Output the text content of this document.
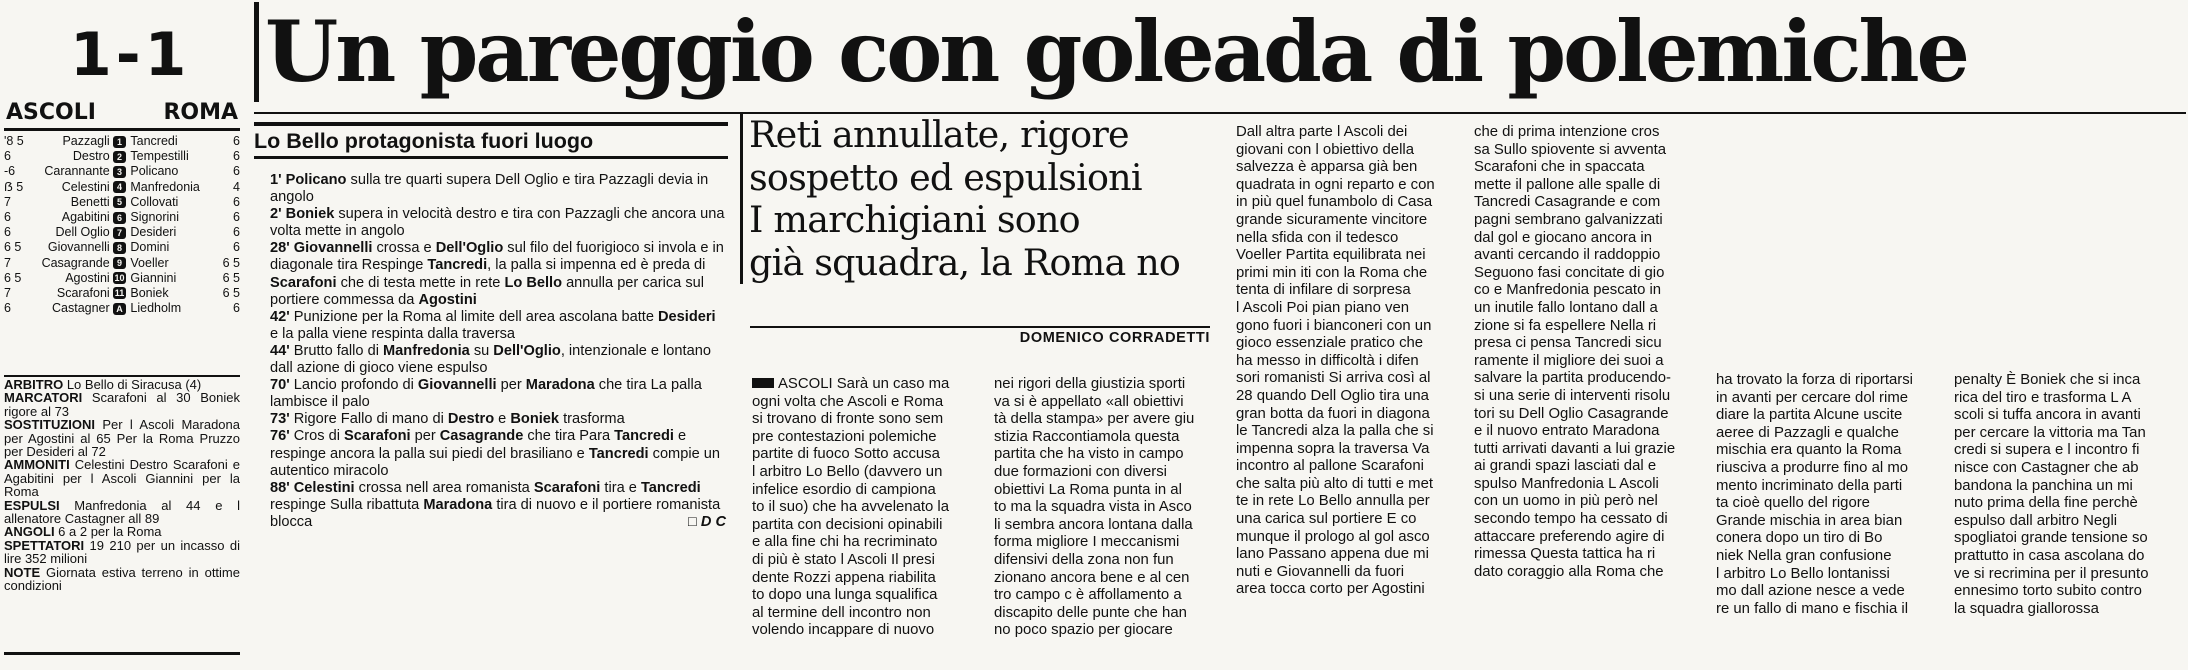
1-1
ASCOLI	ROMA
'8 5	Pazzagli 1 Tancredi	6
6	Destro 2 Tempestilli	6
-6	Carannante 3 Policano	6
ẞ 5	Celestini 4 Manfredonia	4
7	Benetti 5 Collovati	6
6	Agabitini 6 Signorini	6
6	Dell Oglio 7 Desideri	6
6 5	Giovannelli 8 Domini	6
7	Casagrande 9 Voeller	6 5
6 5	Agostini 10 Giannini	6 5
7	Scarafoni 11 Boniek	6 5
6	Castagner A Liedholm	6
ARBITRO Lo Bello di Siracusa (4)
MARCATORI Scarafoni al 30 Boniek rigore al 73
SOSTITUZIONI Per l Ascoli Maradona per Agostini al 65 Per la Roma Pruzzo per Desideri al 72
AMMONITI Celestini Destro Scarafoni e Agabitini per l Ascoli Giannini per la Roma
ESPULSI Manfredonia al 44 e l allenatore Castagner all 89
ANGOLI 6 a 2 per la Roma
SPETTATORI 19 210 per un incasso di lire 352 milioni
NOTE Giornata estiva terreno in ottime condizioni
Un pareggio con goleada di polemiche
Lo Bello protagonista fuori luogo
1' Policano sulla tre quarti supera Dell Oglio e tira Pazzagli devia in angolo
2' Boniek supera in velocità destro e tira con Pazzagli che ancora una volta mette in angolo
28' Giovannelli crossa e Dell'Oglio sul filo del fuorigioco si invola e in diagonale tira Respinge Tancredi, la palla si impenna ed è preda di Scarafoni che di testa mette in rete Lo Bello annulla per carica sul portiere commessa da Agostini
42' Punizione per la Roma al limite dell area ascolana batte Desideri e la palla viene respinta dalla traversa
44' Brutto fallo di Manfredonia su Dell'Oglio, intenzionale e lontano dall azione di gioco viene espulso
70' Lancio profondo di Giovannelli per Maradona che tira La palla lambisce il palo
73' Rigore Fallo di mano di Destro e Boniek trasforma
76' Cros di Scarafoni per Casagrande che tira Para Tancredi e respinge ancora la palla sui piedi del brasiliano e Tancredi compie un autentico miracolo
88' Celestini crossa nell area romanista Scarafoni tira e Tancredi respinge Sulla ribattuta Maradona tira di nuovo e il portiere romanista blocca	□ D C
Reti annullate, rigore
sospetto ed espulsioni
I marchigiani sono
già squadra, la Roma no
DOMENICO CORRADETTI
ASCOLI Sarà un caso ma
ogni volta che Ascoli e Roma
si trovano di fronte sono sem
pre contestazioni polemiche
partite di fuoco Sotto accusa
l arbitro Lo Bello (davvero un
infelice esordio di campiona
to il suo) che ha avvelenato la
partita con decisioni opinabili
e alla fine chi ha recriminato
di più è stato l Ascoli Il presi
dente Rozzi appena riabilita
to dopo una lunga squalifica
al termine dell incontro non
volendo incappare di nuovo
nei rigori della giustizia sporti
va si è appellato «all obiettivi
tà della stampa» per avere giu
stizia Raccontiamola questa
partita che ha visto in campo
due formazioni con diversi
obiettivi La Roma punta in al
to ma la squadra vista in Asco
li sembra ancora lontana dalla
forma migliore I meccanismi
difensivi della zona non fun
zionano ancora bene e al cen
tro campo c è affollamento a
discapito delle punte che han
no poco spazio per giocare
Dall altra parte l Ascoli dei
giovani con l obiettivo della
salvezza è apparsa già ben
quadrata in ogni reparto e con
in più quel funambolo di Casa
grande sicuramente vincitore
nella sfida con il tedesco
Voeller Partita equilibrata nei
primi min iti con la Roma che
tenta di infilare di sorpresa
l Ascoli Poi pian piano ven
gono fuori i bianconeri con un
gioco essenziale pratico che
ha messo in difficoltà i difen
sori romanisti Si arriva così al
28 quando Dell Oglio tira una
gran botta da fuori in diagona
le Tancredi alza la palla che si
impenna sopra la traversa Va
incontro al pallone Scarafoni
che salta più alto di tutti e met
te in rete Lo Bello annulla per
una carica sul portiere E co
munque il prologo al gol asco
lano Passano appena due mi
nuti e Giovannelli da fuori
area tocca corto per Agostini
che di prima intenzione cros
sa Sullo spiovente si avventa
Scarafoni che in spaccata
mette il pallone alle spalle di
Tancredi Casagrande e com
pagni sembrano galvanizzati
dal gol e giocano ancora in
avanti cercando il raddoppio
Seguono fasi concitate di gio
co e Manfredonia pescato in
un inutile fallo lontano dall a
zione si fa espellere Nella ri
presa ci pensa Tancredi sicu
ramente il migliore dei suoi a
salvare la partita producendo-
si una serie di interventi risolu
tori su Dell Oglio Casagrande
e il nuovo entrato Maradona
tutti arrivati davanti a lui grazie
ai grandi spazi lasciati dal e
spulso Manfredonia L Ascoli
con un uomo in più però nel
secondo tempo ha cessato di
attaccare preferendo agire di
rimessa Questa tattica ha ri
dato coraggio alla Roma che
ha trovato la forza di riportarsi
in avanti per cercare dol rime
diare la partita Alcune uscite
aeree di Pazzagli e qualche
mischia era quanto la Roma
riusciva a produrre fino al mo
mento incriminato della parti
ta cioè quello del rigore
Grande mischia in area bian
conera dopo un tiro di Bo
niek Nella gran confusione
l arbitro Lo Bello lontanissi
mo dall azione nesce a vede
re un fallo di mano e fischia il
penalty È Boniek che si inca
rica del tiro e trasforma L A
scoli si tuffa ancora in avanti
per cercare la vittoria ma Tan
credi si supera e l incontro fi
nisce con Castagner che ab
bandona la panchina un mi
nuto prima della fine perchè
espulso dall arbitro Negli
spogliatoi grande tensione so
prattutto in casa ascolana do
ve si recrimina per il presunto
ennesimo torto subito contro
la squadra giallorossa
